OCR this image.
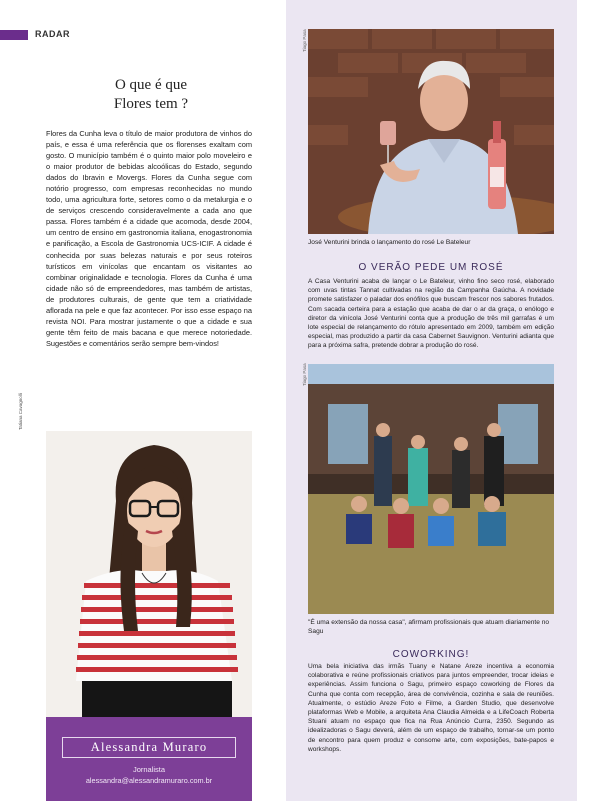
RADAR
O que é que
Flores tem ?
Flores da Cunha leva o título de maior produtora de vinhos do país, e essa é uma referência que os florenses exaltam com gosto. O município também é o quinto maior polo moveleiro e o maior produtor de bebidas alcoólicas do Estado, segundo dados do Ibravin e Movergs. Flores da Cunha segue com notório progresso, com empresas reconhecidas no mundo todo, uma agricultura forte, setores como o da metalurgia e o de serviços crescendo consideravelmente a cada ano que passa. Flores também é a cidade que acomoda, desde 2004, um centro de ensino em gastronomia italiana, enogastronomia e panificação, a Escola de Gastronomia UCS-ICIF. A cidade é conhecida por suas belezas naturais e por seus roteiros turísticos em vinícolas que encantam os visitantes ao combinar originalidade e tecnologia. Flores da Cunha é uma cidade não só de empreendedores, mas também de artistas, de produtores culturais, de gente que tem a criatividade aflorada na pele e que faz acontecer. Por isso esse espaço na revista NOI. Para mostrar justamente o que a cidade e sua gente têm feito de mais bacana e que merece notoriedade. Sugestões e comentários serão sempre bem-vindos!
Tatiana Cavagnolli
Alessandra Muraro
Jornalista
alessandra@alessandramuraro.com.br
Tiago Pasa
José Venturini brinda o lançamento do rosé Le Bateleur
O VERÃO PEDE UM ROSÉ
A Casa Venturini acaba de lançar o Le Bateleur, vinho fino seco rosé, elaborado com uvas tintas Tannat cultivadas na região da Campanha Gaúcha. A novidade promete satisfazer o paladar dos enófilos que buscam frescor nos sabores frutados. Com sacada certeira para a estação que acaba de dar o ar da graça, o enólogo e diretor da vinícola José Venturini conta que a produção de três mil garrafas é um lote especial de relançamento do rótulo apresentado em 2009, também em edição especial, mas produzido a partir da casa Cabernet Sauvignon. Venturini adianta que para a próxima safra, pretende dobrar a produção do rosé.
Tiago Pasa
"É uma extensão da nossa casa", afirmam profissionais que atuam diariamente no Sagu
COWORKING!
Uma bela iniciativa das irmãs Tuany e Natane Areze incentiva a economia colaborativa e reúne profissionais criativos para juntos empreender, trocar ideias e experiências. Assim funciona o Sagu, primeiro espaço coworking de Flores da Cunha que conta com recepção, área de convivência, cozinha e sala de reuniões. Atualmente, o estúdio Areze Foto e Filme, a Garden Studio, que desenvolve plataformas Web e Mobile, a arquiteta Ana Claudia Almeida e a LifeCoach Roberta Stuani atuam no espaço que fica na Rua Anúncio Curra, 2350. Segundo as idealizadoras o Sagu deverá, além de um espaço de trabalho, tornar-se um ponto de encontro para quem produz e consome arte, com exposições, bate-papos e workshops.
